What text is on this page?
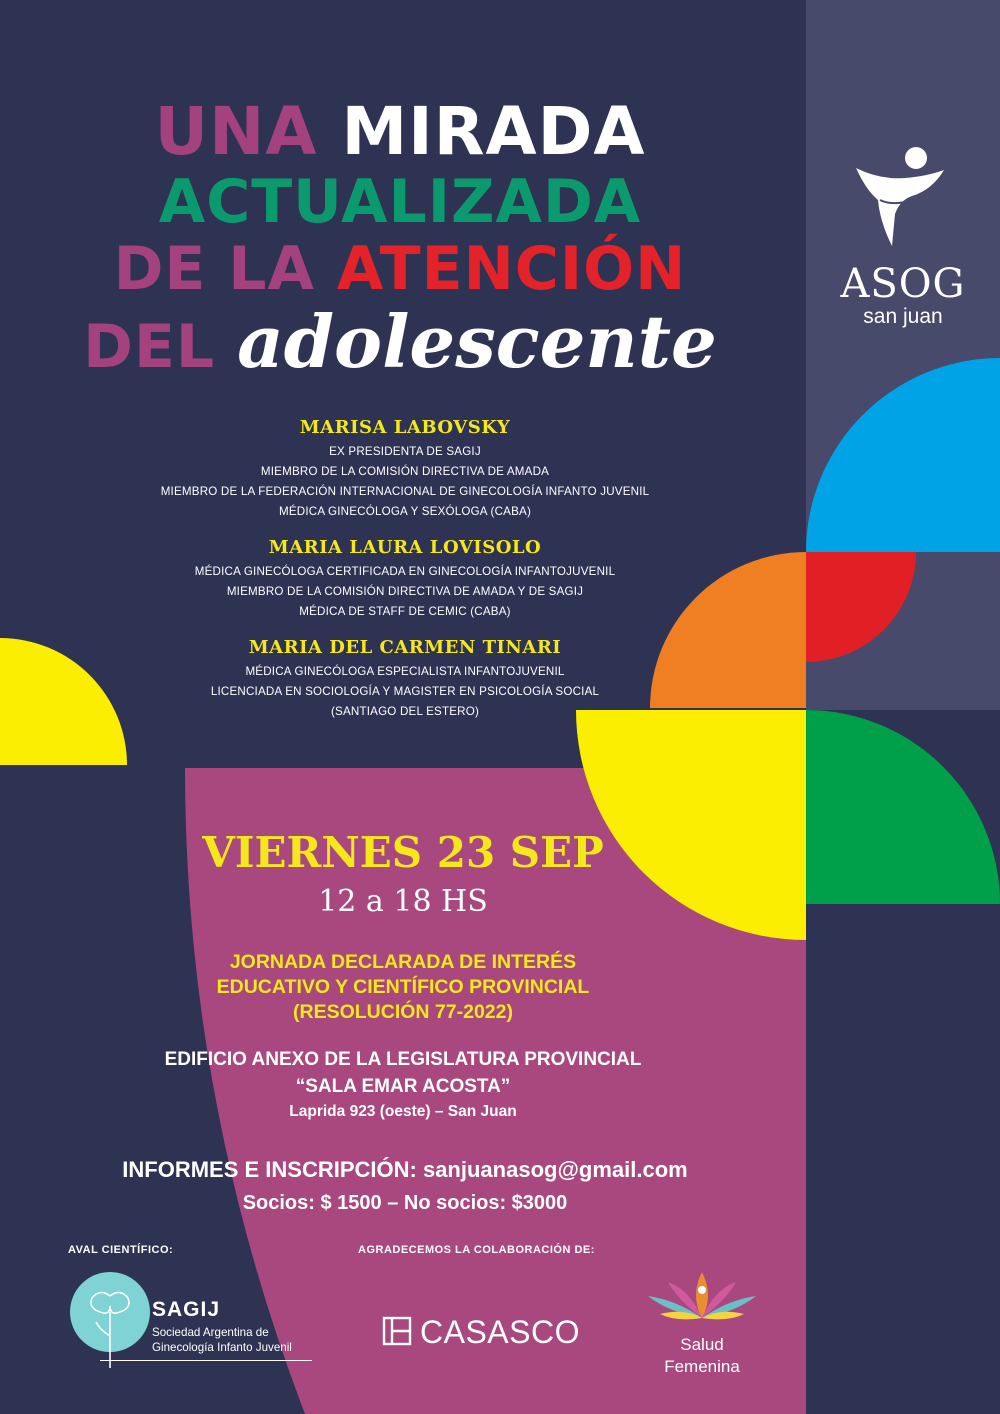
UNA MIRADA
ACTUALIZADA
DE LA ATENCIÓN
DEL adolescente
ASOG
san juan
MARISA LABOVSKY
EX PRESIDENTA DE SAGIJ
MIEMBRO DE LA COMISIÓN DIRECTIVA DE AMADA
MIEMBRO DE LA FEDERACIÓN INTERNACIONAL DE GINECOLOGÍA INFANTO JUVENIL
MÉDICA GINECÓLOGA Y SEXÓLOGA (CABA)
MARIA LAURA LOVISOLO
MÉDICA GINECÓLOGA CERTIFICADA EN GINECOLOGÍA INFANTOJUVENIL
MIEMBRO DE LA COMISIÓN DIRECTIVA DE AMADA Y DE SAGIJ
MÉDICA DE STAFF DE CEMIC (CABA)
MARIA DEL CARMEN TINARI
MÉDICA GINECÓLOGA ESPECIALISTA INFANTOJUVENIL
LICENCIADA EN SOCIOLOGÍA Y MAGISTER EN PSICOLOGÍA SOCIAL
(SANTIAGO DEL ESTERO)
VIERNES 23 SEP
12 a 18 HS
JORNADA DECLARADA DE INTERÉS
EDUCATIVO Y CIENTÍFICO PROVINCIAL
(RESOLUCIÓN 77-2022)
EDIFICIO ANEXO DE LA LEGISLATURA PROVINCIAL
“SALA EMAR ACOSTA”
Laprida 923 (oeste) – San Juan
INFORMES E INSCRIPCIÓN: sanjuanasog@gmail.com
Socios: $ 1500 – No socios: $3000
AVAL CIENTÍFICO:	AGRADECEMOS LA COLABORACIÓN DE:
SAGIJ
Sociedad Argentina de
Ginecología Infanto Juvenil	CASASCO	Salud
Femenina
